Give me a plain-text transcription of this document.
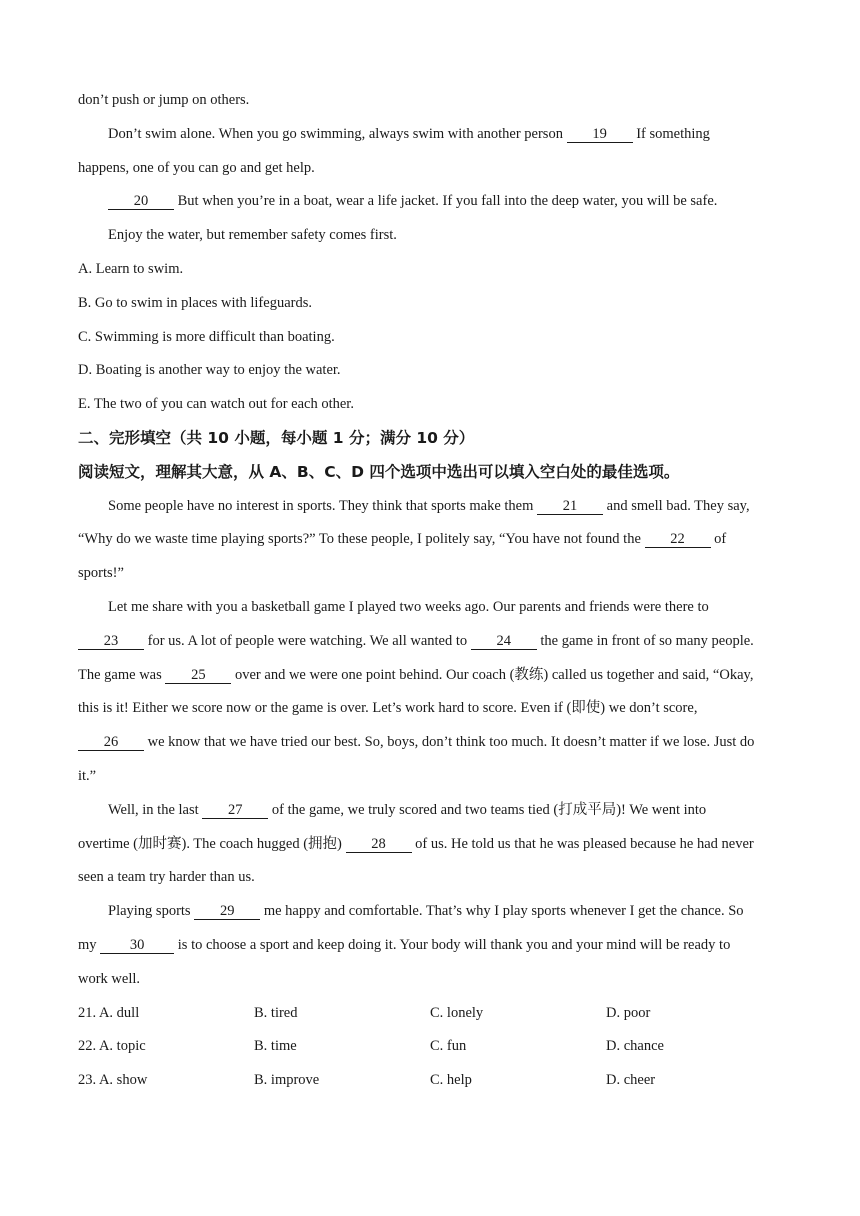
don’t push or jump on others.
Don’t swim alone. When you go swimming, always swim with another person 19 If something
happens, one of you can go and get help.
20 But when you’re in a boat, wear a life jacket. If you fall into the deep water, you will be safe.
Enjoy the water, but remember safety comes first.
A. Learn to swim.
B. Go to swim in places with lifeguards.
C. Swimming is more difficult than boating.
D. Boating is another way to enjoy the water.
E. The two of you can watch out for each other.
二、完形填空（共 10 小题，每小题 1 分；满分 10 分）
阅读短文，理解其大意，从 A、B、C、D 四个选项中选出可以填入空白处的最佳选项。
Some people have no interest in sports. They think that sports make them 21 and smell bad. They say,
“Why do we waste time playing sports?” To these people, I politely say, “You have not found the 22 of
sports!”
Let me share with you a basketball game I played two weeks ago. Our parents and friends were there to
23 for us. A lot of people were watching. We all wanted to 24 the game in front of so many people.
The game was 25 over and we were one point behind. Our coach (教练) called us together and said, “Okay,
this is it! Either we score now or the game is over. Let’s work hard to score. Even if (即使) we don’t score,
26 we know that we have tried our best. So, boys, don’t think too much. It doesn’t matter if we lose. Just do
it.”
Well, in the last 27 of the game, we truly scored and two teams tied (打成平局)! We went into
overtime (加时赛). The coach hugged (拥抱) 28 of us. He told us that he was pleased because he had never
seen a team try harder than us.
Playing sports 29 me happy and comfortable. That’s why I play sports whenever I get the chance. So
my 30 is to choose a sport and keep doing it. Your body will thank you and your mind will be ready to
work well.
21. A. dull	B. tired	C. lonely	D. poor
22. A. topic	B. time	C. fun	D. chance
23. A. show	B. improve	C. help	D. cheer
